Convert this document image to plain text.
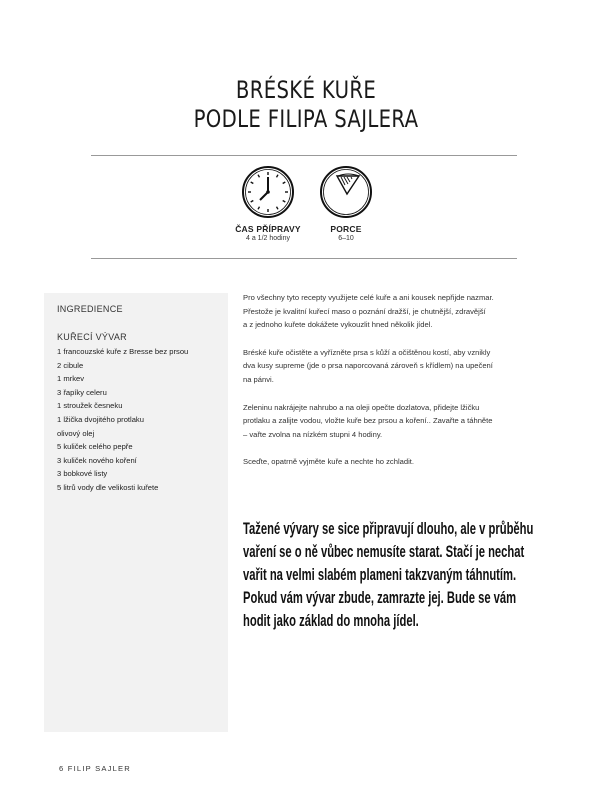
BRÉSKÉ KUŘE
PODLE FILIPA SAJLERA
ČAS PŘÍPRAVY
4 a 1/2 hodiny
PORCE
6–10
INGREDIENCE
KUŘECÍ VÝVAR
1 francouzské kuře z Bresse bez prsou
2 cibule
1 mrkev
3 řapíky celeru
1 stroužek česneku
1 lžička dvojitého protlaku
olivový olej
5 kuliček celého pepře
3 kuliček nového koření
3 bobkové listy
5 litrů vody dle velikosti kuřete

Pro všechny tyto recepty využijete celé kuře a ani kousek nepřijde nazmar.
Přestože je kvalitní kuřecí maso o poznání dražší, je chutnější, zdravější
a z jednoho kuřete dokážete vykouzlit hned několik jídel.

Bréské kuře očistěte a vyřízněte prsa s kůží a očištěnou kostí, aby vznikly
dva kusy supreme (jde o prsa naporcovaná zároveň s křídlem) na upečení
na pánvi.

Zeleninu nakrájejte nahrubo a na oleji opečte dozlatova, přidejte lžičku
protlaku a zalijte vodou, vložte kuře bez prsou a koření.. Zavařte a táhněte
– vařte zvolna na nízkém stupni 4 hodiny.

Sceďte, opatrně vyjměte kuře a nechte ho zchladit.

Tažené vývary se sice připravují dlouho, ale v průběhu
vaření se o ně vůbec nemusíte starat. Stačí je nechat
vařit na velmi slabém plameni takzvaným táhnutím.
Pokud vám vývar zbude, zamrazte jej. Bude se vám
hodit jako základ do mnoha jídel.
6 FILIP SAJLER
